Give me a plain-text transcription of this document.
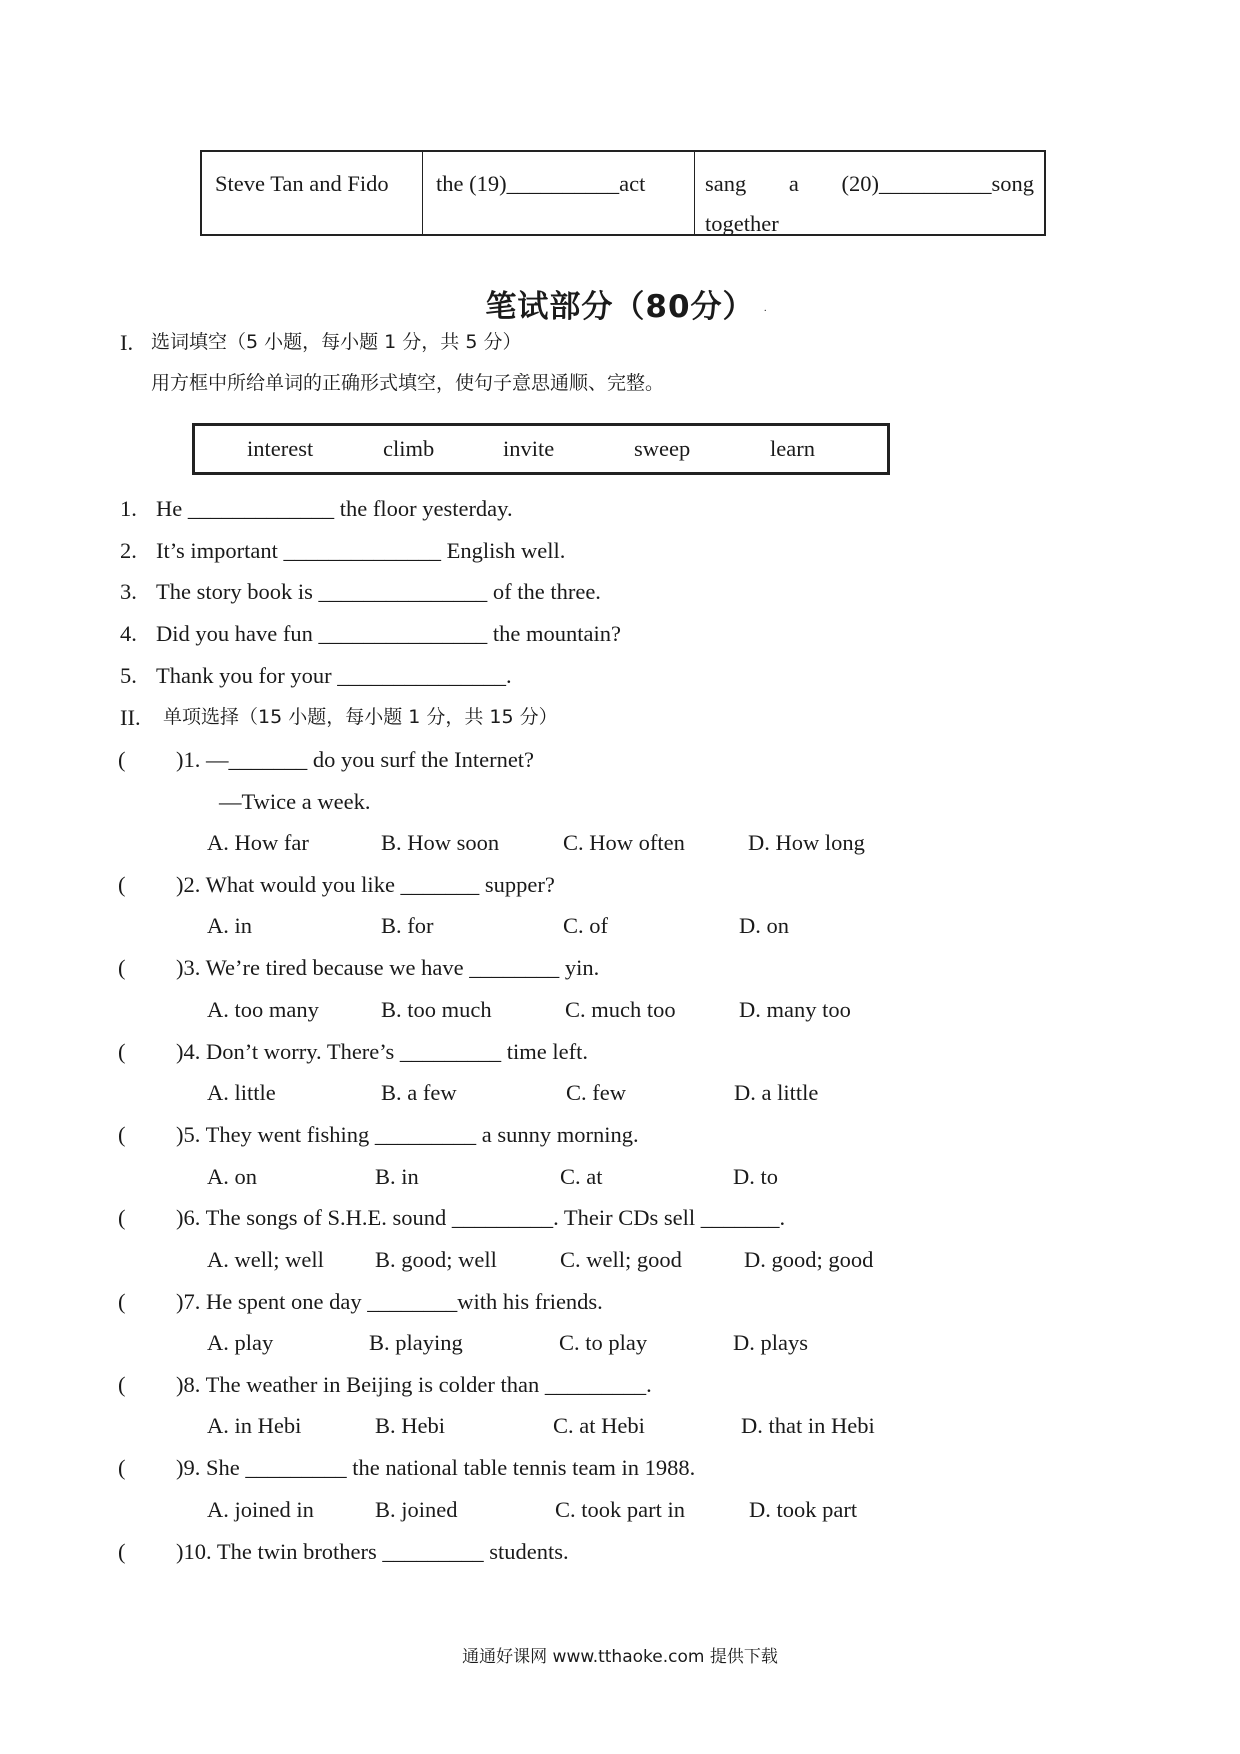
Steve Tan and Fido	the (19)__________act	sang a (20)__________song
together
笔试部分（80分） .
I. 选词填空（5 小题，每小题 1 分，共 5 分）
用方框中所给单词的正确形式填空，使句子意思通顺、完整。
interest	climb	invite	sweep	learn
1. He _____________ the floor yesterday.
2. It’s important ______________ English well.
3. The story book is _______________ of the three.
4. Did you have fun _______________ the mountain?
5. Thank you for your _______________.
II. 单项选择（15 小题，每小题 1 分，共 15 分）
( )1. —_______ do you surf the Internet?
—Twice a week.
A. How far	B. How soon	C. How often	D. How long
( )2. What would you like _______ supper?
A. in	B. for	C. of	D. on
( )3. We’re tired because we have ________ yin.
A. too many	B. too much	C. much too	D. many too
( )4. Don’t worry. There’s _________ time left.
A. little	B. a few	C. few	D. a little
( )5. They went fishing _________ a sunny morning.
A. on	B. in	C. at	D. to
( )6. The songs of S.H.E. sound _________. Their CDs sell _______.
A. well; well B. good; well	C. well; good	D. good; good
( )7. He spent one day ________with his friends.
A. play	B. playing	C. to play	D. plays
( )8. The weather in Beijing is colder than _________.
A. in Hebi	B. Hebi	C. at Hebi	D. that in Hebi
( )9. She _________ the national table tennis team in 1988.
A. joined in	B. joined	C. took part in	D. took part
( )10. The twin brothers _________ students.
通通好课网 www.tthaoke.com 提供下载
